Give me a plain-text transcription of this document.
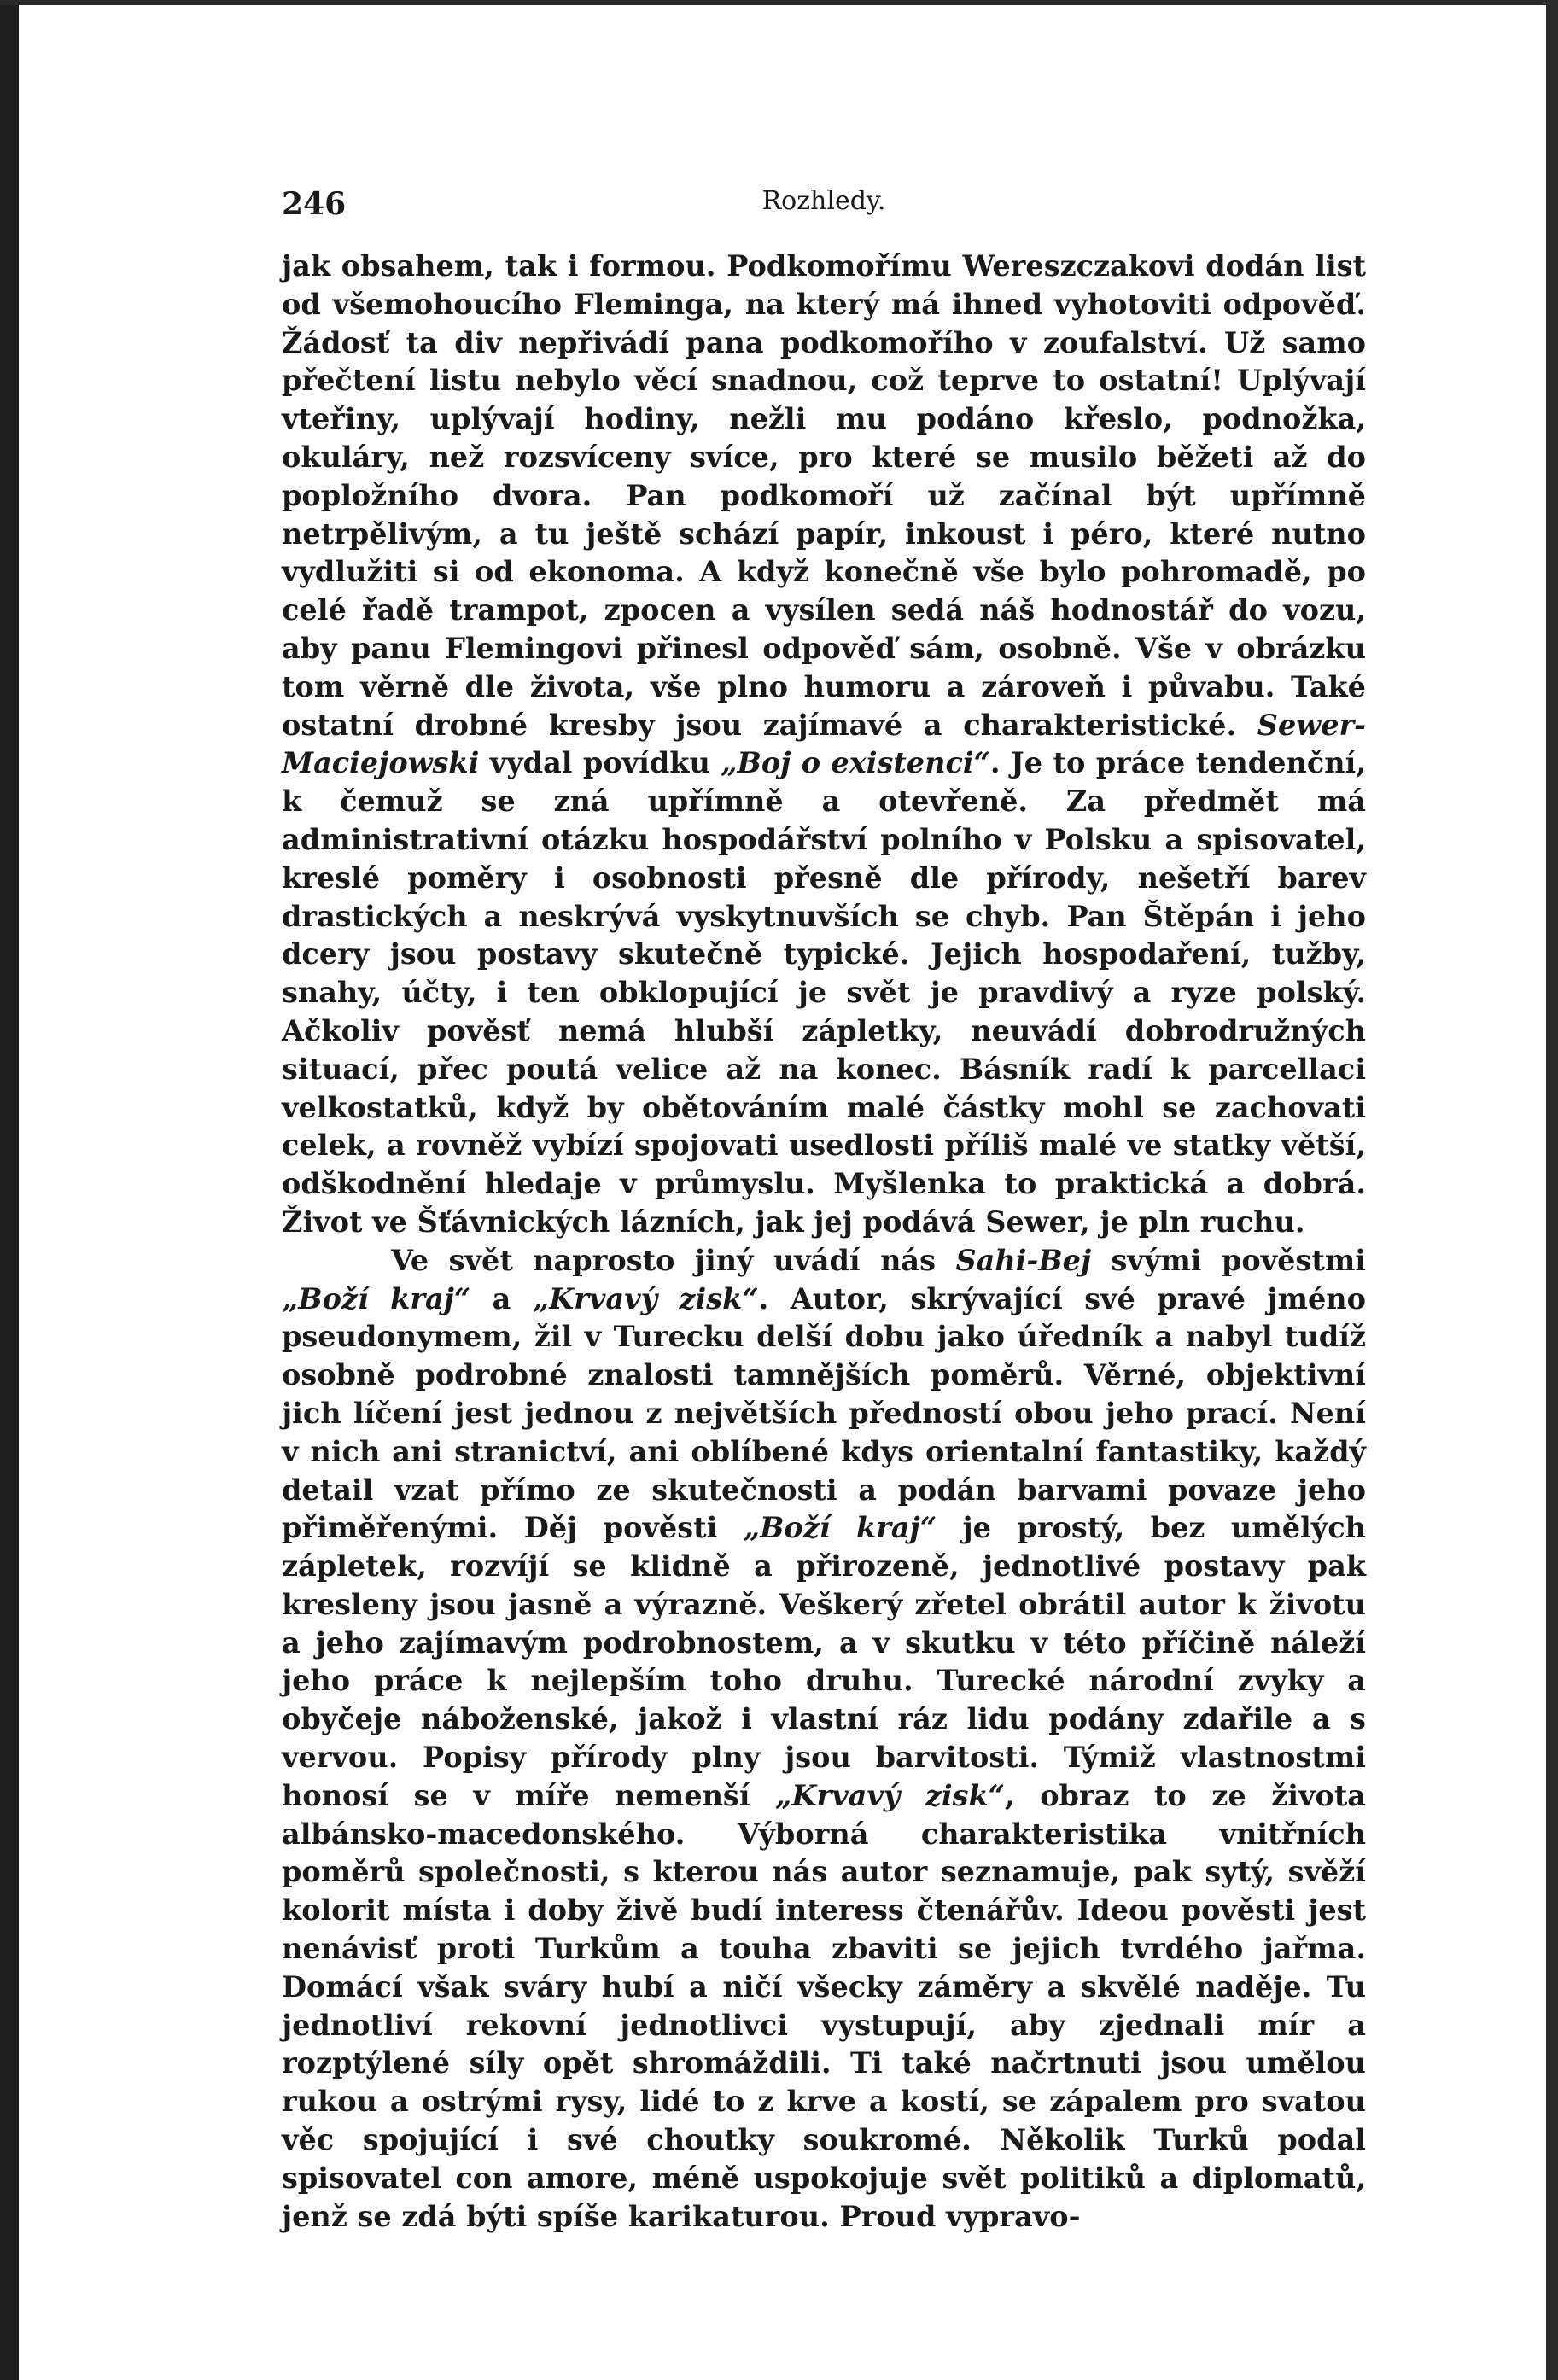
246	Rozhledy.

jak obsahem, tak i formou. Podkomořímu Wereszczakovi dodán list od všemohoucího Fleminga, na který má ihned vyhotoviti odpověď. Žádosť ta div nepřivádí pana podkomořího v zoufalství. Už samo přečtení listu nebylo věcí snadnou, což teprve to ostatní! Uplývají vteřiny, uplývají hodiny, nežli mu podáno křeslo, podnožka, okuláry, než rozsvíceny svíce, pro které se musilo běžeti až do popložního dvora. Pan podkomoří už začínal být upřímně netrpělivým, a tu ještě schází papír, inkoust i péro, které nutno vydlužiti si od ekonoma. A když konečně vše bylo pohromadě, po celé řadě trampot, zpocen a vysílen sedá náš hodnostář do vozu, aby panu Flemingovi přinesl odpověď sám, osobně. Vše v obrázku tom věrně dle života, vše plno humoru a zároveň i půvabu. Také ostatní drobné kresby jsou zajímavé a charakteristické. Sewer-Maciejowski vydal povídku „Boj o existenci“. Je to práce tendenční, k čemuž se zná upřímně a otevřeně. Za předmět má administrativní otázku hospodářství polního v Polsku a spisovatel, kreslé poměry i osobnosti přesně dle přírody, nešetří barev drastických a neskrývá vyskytnuvších se chyb. Pan Štěpán i jeho dcery jsou postavy skutečně typické. Jejich hospodaření, tužby, snahy, účty, i ten obklopující je svět je pravdivý a ryze polský. Ačkoliv pověsť nemá hlubší zápletky, neuvádí dobrodružných situací, přec poutá velice až na konec. Básník radí k parcellaci velkostatků, když by obětováním malé částky mohl se zachovati celek, a rovněž vybízí spojovati usedlosti příliš malé ve statky větší, odškodnění hledaje v průmyslu. Myšlenka to praktická a dobrá. Život ve Šťávnických lázních, jak jej podává Sewer, je pln ruchu.

Ve svět naprosto jiný uvádí nás Sahi-Bej svými pověstmi „Boží kraj“ a „Krvavý zisk“. Autor, skrývající své pravé jméno pseudonymem, žil v Turecku delší dobu jako úředník a nabyl tudíž osobně podrobné znalosti tamnějších poměrů. Věrné, objektivní jich líčení jest jednou z největších předností obou jeho prací. Není v nich ani stranictví, ani oblíbené kdys orientalní fantastiky, každý detail vzat přímo ze skutečnosti a podán barvami povaze jeho přiměřenými. Děj pověsti „Boží kraj“ je prostý, bez umělých zápletek, rozvíjí se klidně a přirozeně, jednotlivé postavy pak kresleny jsou jasně a výrazně. Veškerý zřetel obrátil autor k životu a jeho zajímavým podrobnostem, a v skutku v této příčině náleží jeho práce k nejlepším toho druhu. Turecké národní zvyky a obyčeje náboženské, jakož i vlastní ráz lidu podány zdařile a s vervou. Popisy přírody plny jsou barvitosti. Týmiž vlastnostmi honosí se v míře nemenší „Krvavý zisk“, obraz to ze života albánsko-macedonského. Výborná charakteristika vnitřních poměrů společnosti, s kterou nás autor seznamuje, pak sytý, svěží kolorit místa i doby živě budí interess čtenářův. Ideou pověsti jest nenávisť proti Turkům a touha zbaviti se jejich tvrdého jařma. Domácí však sváry hubí a ničí všecky záměry a skvělé naděje. Tu jednotliví rekovní jednotlivci vystupují, aby zjednali mír a rozptýlené síly opět shromáždili. Ti také načrtnuti jsou umělou rukou a ostrými rysy, lidé to z krve a kostí, se zápalem pro svatou věc spojující i své choutky soukromé. Několik Turků podal spisovatel con amore, méně uspokojuje svět politiků a diplomatů, jenž se zdá býti spíše karikaturou. Proud vypravo-
